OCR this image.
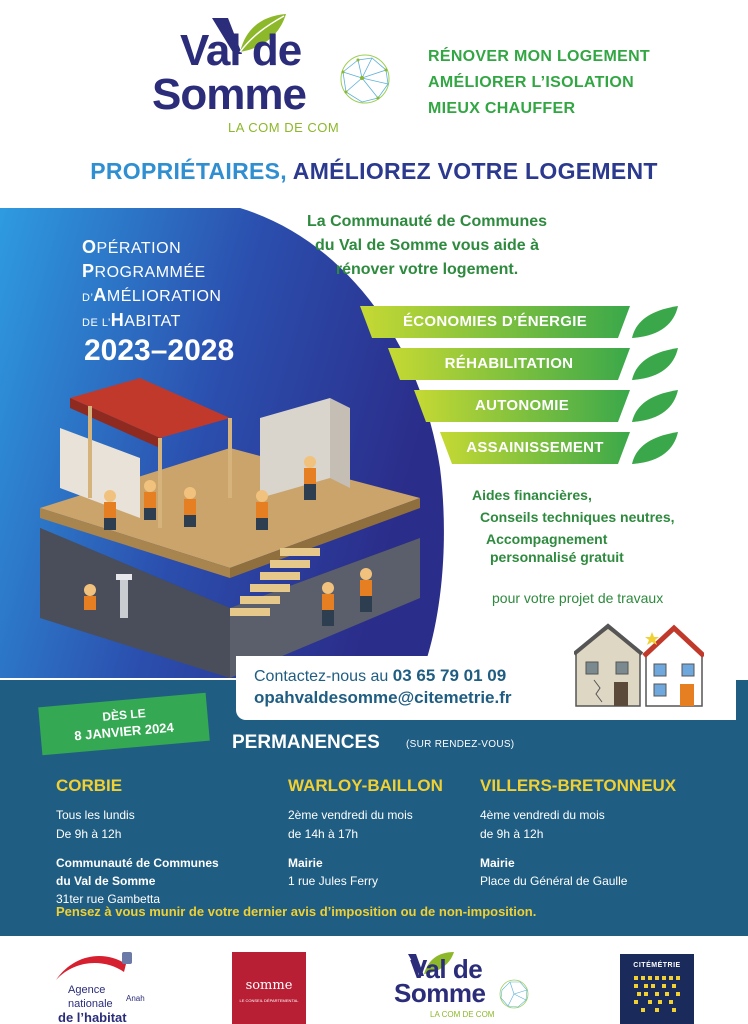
Val de
Somme
LA COM DE COM
RÉNOVER MON LOGEMENT
AMÉLIORER L’ISOLATION
MIEUX CHAUFFER
PROPRIÉTAIRES, AMÉLIOREZ VOTRE LOGEMENT
OPÉRATION
PROGRAMMÉE
D’AMÉLIORATION
DE L’HABITAT
2023–2028
La Communauté de Communes
du Val de Somme vous aide à
rénover votre logement.
ÉCONOMIES D’ÉNERGIE
RÉHABILITATION
AUTONOMIE
ASSAINISSEMENT
Aides financières,
Conseils techniques neutres,
Accompagnement
personnalisé gratuit
pour votre projet de travaux
Contactez-nous au 03 65 79 01 09
opahvaldesomme@citemetrie.fr
DÈS LE
8 JANVIER 2024	PERMANENCES	(SUR RENDEZ-VOUS)
CORBIE
Tous les lundis
De 9h à 12h
Communauté de Communes
du Val de Somme
31ter rue Gambetta
WARLOY-BAILLON
2ème vendredi du mois
de 14h à 17h
Mairie
1 rue Jules Ferry
VILLERS-BRETONNEUX
4ème vendredi du mois
de 9h à 12h
Mairie
Place du Général de Gaulle
Pensez à vous munir de votre dernier avis d’imposition ou de non-imposition.
Agence
nationale Anah
de l’habitat
somme
LE CONSEIL DÉPARTEMENTAL
Val de
Somme
LA COM DE COM
CITÉMÉTRIE
